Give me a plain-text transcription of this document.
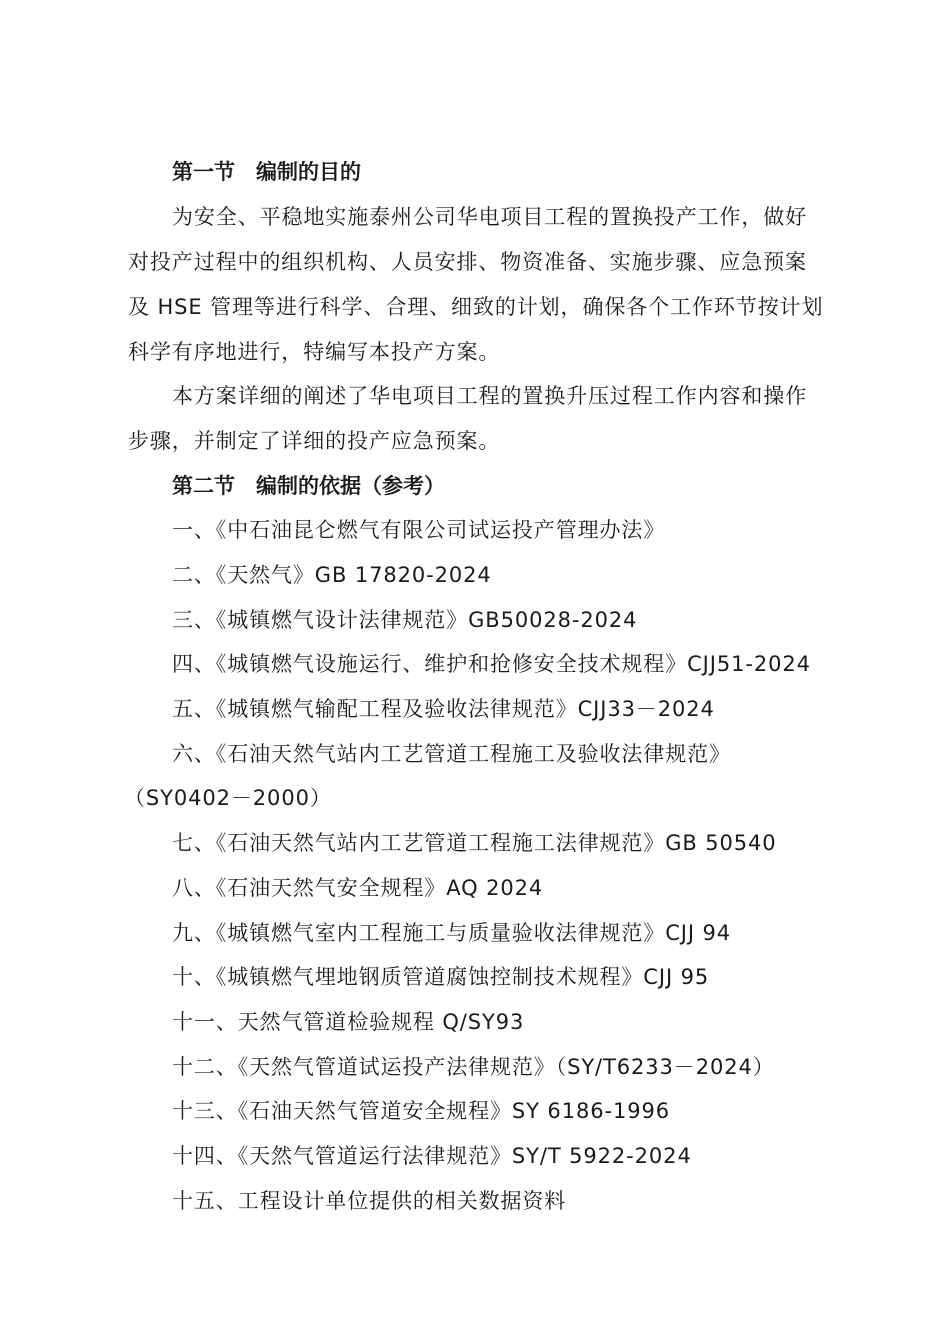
第一节　编制的目的
为安全、平稳地实施泰州公司华电项目工程的置换投产工作，做好
对投产过程中的组织机构、人员安排、物资准备、实施步骤、应急预案
及 HSE 管理等进行科学、合理、细致的计划，确保各个工作环节按计划
科学有序地进行，特编写本投产方案。
本方案详细的阐述了华电项目工程的置换升压过程工作内容和操作
步骤，并制定了详细的投产应急预案。
第二节　编制的依据（参考）
一、《中石油昆仑燃气有限公司试运投产管理办法》
二、《天然气》GB 17820-2024
三、《城镇燃气设计法律规范》GB50028-2024
四、《城镇燃气设施运行、维护和抢修安全技术规程》CJJ51-2024
五、《城镇燃气输配工程及验收法律规范》CJJ33－2024
六、《石油天然气站内工艺管道工程施工及验收法律规范》
（SY0402－2000）
七、《石油天然气站内工艺管道工程施工法律规范》GB 50540
八、《石油天然气安全规程》AQ 2024
九、《城镇燃气室内工程施工与质量验收法律规范》CJJ 94
十、《城镇燃气埋地钢质管道腐蚀控制技术规程》CJJ 95
十一、天然气管道检验规程 Q/SY93
十二、《天然气管道试运投产法律规范》（SY/T6233－2024）
十三、《石油天然气管道安全规程》SY 6186-1996
十四、《天然气管道运行法律规范》SY/T 5922-2024
十五、工程设计单位提供的相关数据资料
